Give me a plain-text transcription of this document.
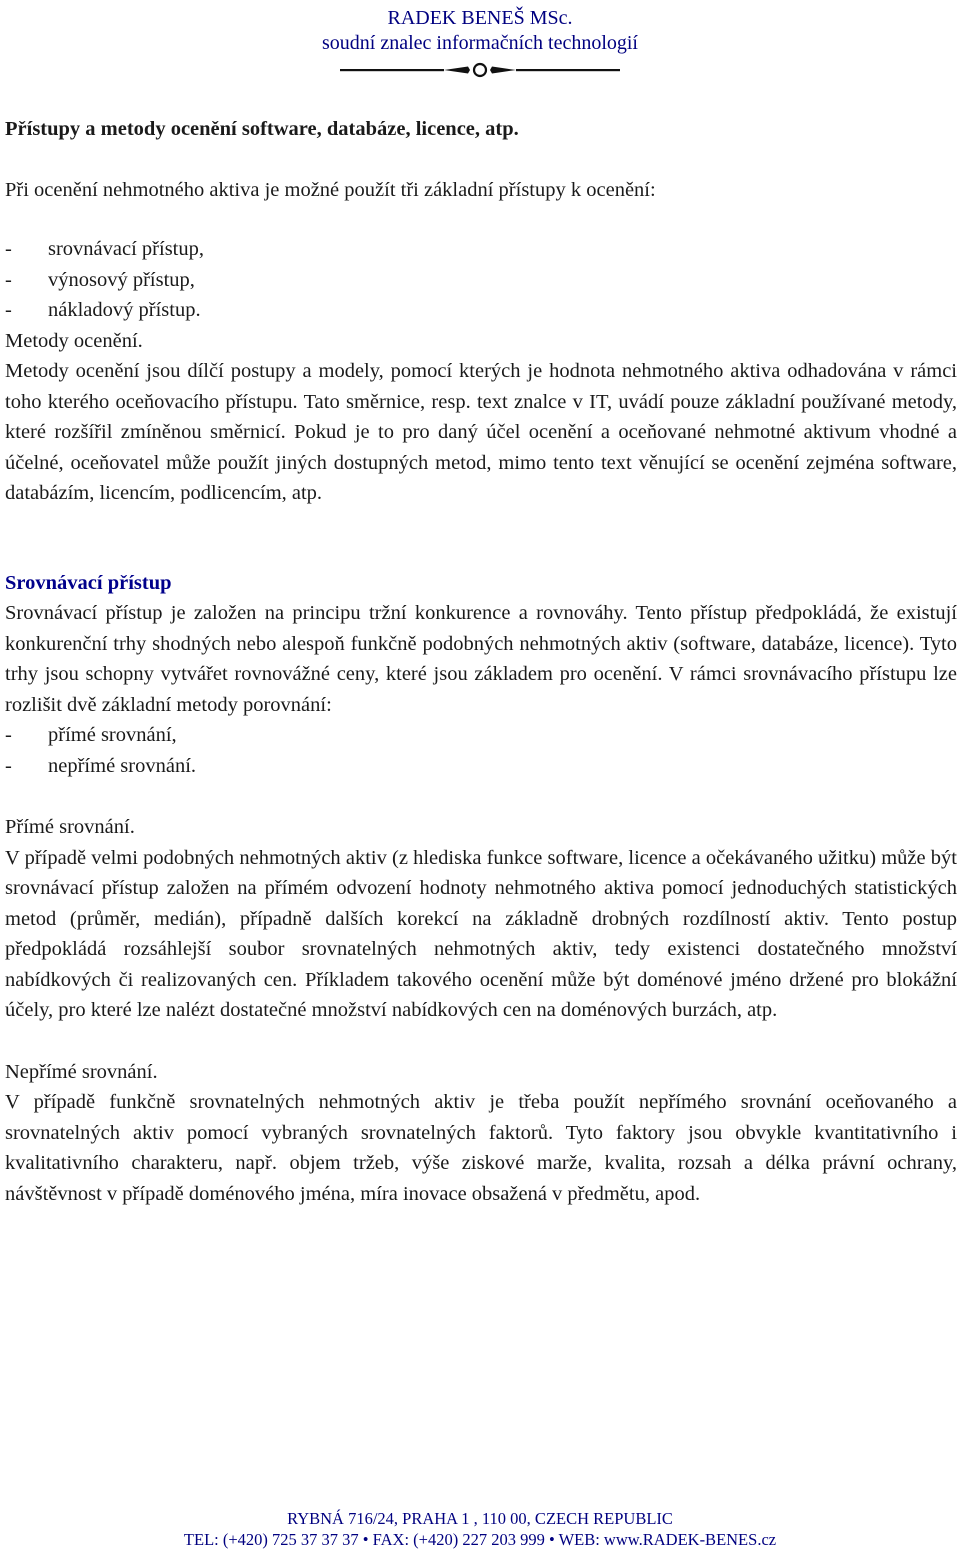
RADEK BENEŠ MSc.
soudní znalec informačních technologií

Přístupy a metody ocenění software, databáze, licence, atp.

Při ocenění nehmotného aktiva je možné použít tři základní přístupy k ocenění:

- srovnávací přístup,
- výnosový přístup,
- nákladový přístup.

Metody ocenění.

Metody ocenění jsou dílčí postupy a modely, pomocí kterých je hodnota nehmotného aktiva odhadována v rámci toho kterého oceňovacího přístupu. Tato směrnice, resp. text znalce v IT, uvádí pouze základní používané metody, které rozšířil zmíněnou směrnicí. Pokud je to pro daný účel ocenění a oceňované nehmotné aktivum vhodné a účelné, oceňovatel může použít jiných dostupných metod, mimo tento text věnující se ocenění zejména software, databázím, licencím, podlicencím, atp.

Srovnávací přístup

Srovnávací přístup je založen na principu tržní konkurence a rovnováhy. Tento přístup předpokládá, že existují konkurenční trhy shodných nebo alespoň funkčně podobných nehmotných aktiv (software, databáze, licence). Tyto trhy jsou schopny vytvářet rovnovážné ceny, které jsou základem pro ocenění. V rámci srovnávacího přístupu lze rozlišit dvě základní metody porovnání:

- přímé srovnání,
- nepřímé srovnání.

Přímé srovnání.

V případě velmi podobných nehmotných aktiv (z hlediska funkce software, licence a očekávaného užitku) může být srovnávací přístup založen na přímém odvození hodnoty nehmotného aktiva pomocí jednoduchých statistických metod (průměr, medián), případně dalších korekcí na základně drobných rozdílností aktiv. Tento postup předpokládá rozsáhlejší soubor srovnatelných nehmotných aktiv, tedy existenci dostatečného množství nabídkových či realizovaných cen. Příkladem takového ocenění může být doménové jméno držené pro blokážní účely, pro které lze nalézt dostatečné množství nabídkových cen na doménových burzách, atp.

Nepřímé srovnání.

V případě funkčně srovnatelných nehmotných aktiv je třeba použít nepřímého srovnání oceňovaného a srovnatelných aktiv pomocí vybraných srovnatelných faktorů. Tyto faktory jsou obvykle kvantitativního i kvalitativního charakteru, např. objem tržeb, výše ziskové marže, kvalita, rozsah a délka právní ochrany, návštěvnost v případě doménového jména, míra inovace obsažená v předmětu, apod.

RYBNÁ 716/24, PRAHA 1 , 110 00, CZECH REPUBLIC
TEL: (+420) 725 37 37 37 • FAX: (+420) 227 203 999 • WEB: www.RADEK-BENES.cz
